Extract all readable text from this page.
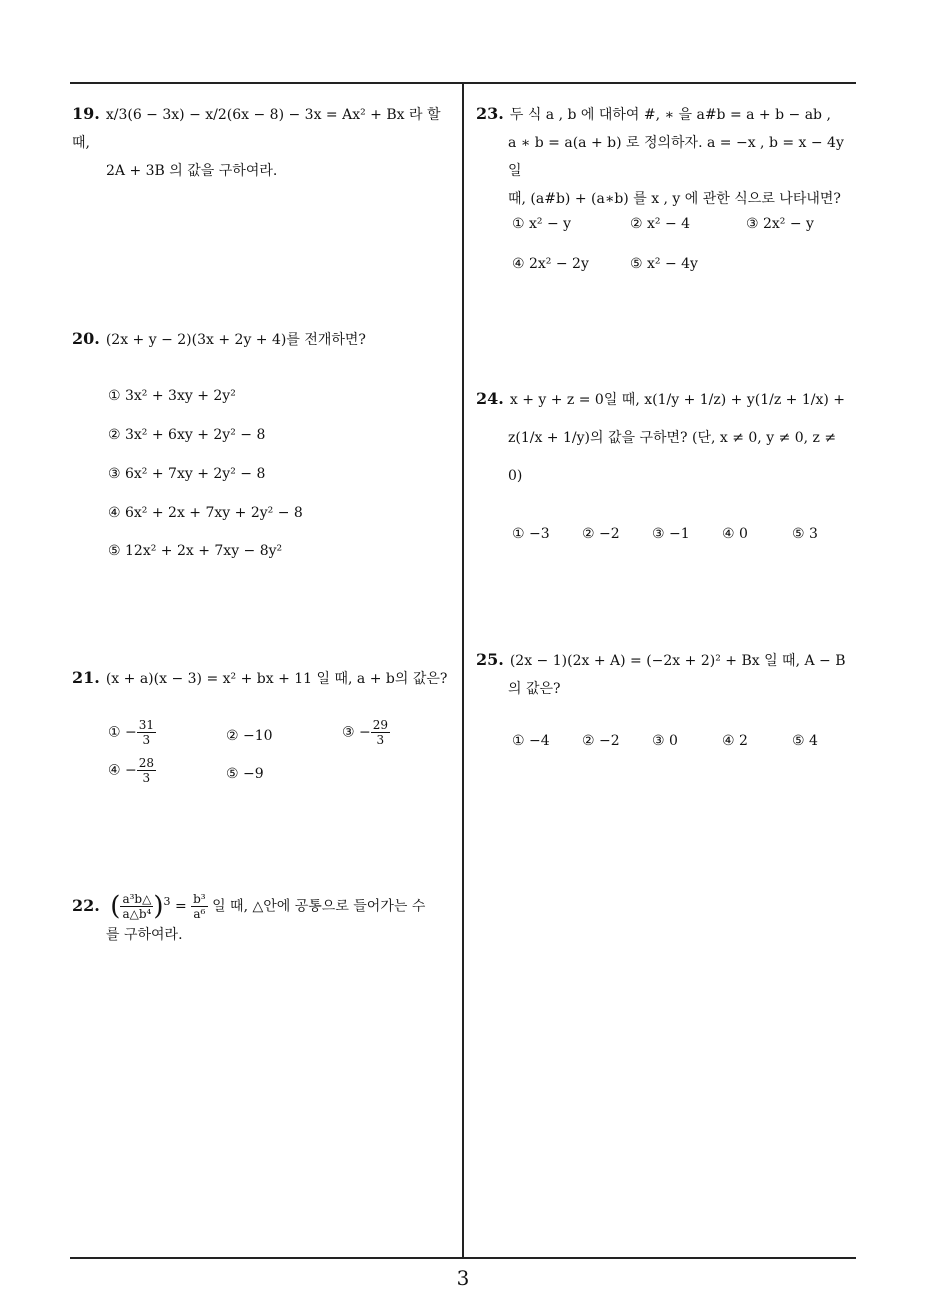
19. x/3(6 − 3x) − x/2(6x − 8) − 3x = Ax² + Bx 라 할 때,
2A + 3B 의 값을 구하여라.
20. (2x + y − 2)(3x + 2y + 4)를 전개하면?
① 3x² + 3xy + 2y²
② 3x² + 6xy + 2y² − 8
③ 6x² + 7xy + 2y² − 8
④ 6x² + 2x + 7xy + 2y² − 8
⑤ 12x² + 2x + 7xy − 8y²
21. (x + a)(x − 3) = x² + bx + 11 일 때, a + b의 값은?
① − $\frac{31}{3}$	② −10	③ − $\frac{29}{3}$
④ − $\frac{28}{3}$	⑤ −9
22. ( $\frac{\text{a³b△}}{\text{a△b⁴}} )^3 = \frac{\text{b³}}{\text{a⁶}}$ 일 때, △안에 공통으로 들어가는 수
를 구하여라.
23. 두 식 a , b 에 대하여 #, ∗ 을 a#b = a + b − ab ,
a ∗ b = a(a + b) 로 정의하자. a = −x , b = x − 4y 일
때, (a#b) + (a∗b) 를 x , y 에 관한 식으로 나타내면?
① x² − y	② x² − 4	③ 2x² − y
④ 2x² − 2y	⑤ x² − 4y
24. x + y + z = 0일 때, x(1/y + 1/z) + y(1/z + 1/x) +
z(1/x + 1/y)의 값을 구하면? (단, x ≠ 0, y ≠ 0, z ≠
0)
① −3 ② −2 ③ −1 ④ 0	⑤ 3
25. (2x − 1)(2x + A) = (−2x + 2)² + Bx 일 때, A − B
의 값은?
① −4 ② −2 ③ 0	④ 2	⑤ 4
3
